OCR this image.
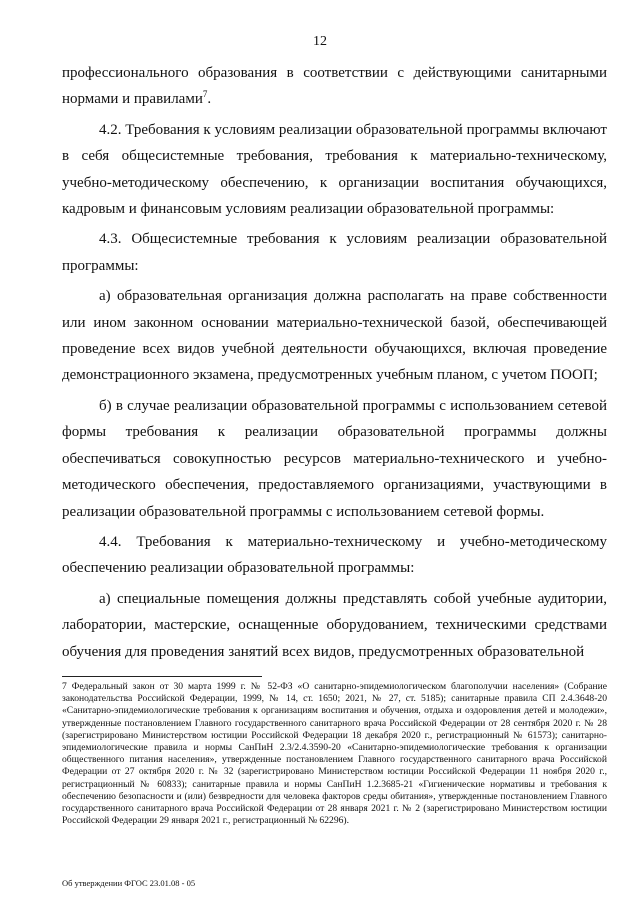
12

профессионального образования в соответствии с действующими санитарными нормами и правилами$^7$.

4.2. Требования к условиям реализации образовательной программы включают в себя общесистемные требования, требования к материально-техническому, учебно-методическому обеспечению, к организации воспитания обучающихся, кадровым и финансовым условиям реализации образовательной программы:

4.3. Общесистемные требования к условиям реализации образовательной программы:

а) образовательная организация должна располагать на праве собственности или ином законном основании материально-технической базой, обеспечивающей проведение всех видов учебной деятельности обучающихся, включая проведение демонстрационного экзамена, предусмотренных учебным планом, с учетом ПООП;

б) в случае реализации образовательной программы с использованием сетевой формы требования к реализации образовательной программы должны обеспечиваться совокупностью ресурсов материально-технического и учебно-методического обеспечения, предоставляемого организациями, участвующими в реализации образовательной программы с использованием сетевой формы.

4.4. Требования к материально-техническому и учебно-методическому обеспечению реализации образовательной программы:

а) специальные помещения должны представлять собой учебные аудитории, лаборатории, мастерские, оснащенные оборудованием, техническими средствами обучения для проведения занятий всех видов, предусмотренных образовательной

7 Федеральный закон от 30 марта 1999 г. № 52-ФЗ «О санитарно-эпидемиологическом благополучии населения» (Собрание законодательства Российской Федерации, 1999, № 14, ст. 1650; 2021, № 27, ст. 5185); санитарные правила СП 2.4.3648-20 «Санитарно-эпидемиологические требования к организациям воспитания и обучения, отдыха и оздоровления детей и молодежи», утвержденные постановлением Главного государственного санитарного врача Российской Федерации от 28 сентября 2020 г. № 28 (зарегистрировано Министерством юстиции Российской Федерации 18 декабря 2020 г., регистрационный № 61573); санитарно-эпидемиологические правила и нормы СанПиН 2.3/2.4.3590-20 «Санитарно-эпидемиологические требования к организации общественного питания населения», утвержденные постановлением Главного государственного санитарного врача Российской Федерации от 27 октября 2020 г. № 32 (зарегистрировано Министерством юстиции Российской Федерации 11 ноября 2020 г., регистрационный № 60833); санитарные правила и нормы СанПиН 1.2.3685-21 «Гигиенические нормативы и требования к обеспечению безопасности и (или) безвредности для человека факторов среды обитания», утвержденные постановлением Главного государственного санитарного врача Российской Федерации от 28 января 2021 г. № 2 (зарегистрировано Министерством юстиции Российской Федерации 29 января 2021 г., регистрационный № 62296).
Об утверждении ФГОС 23.01.08 - 05
